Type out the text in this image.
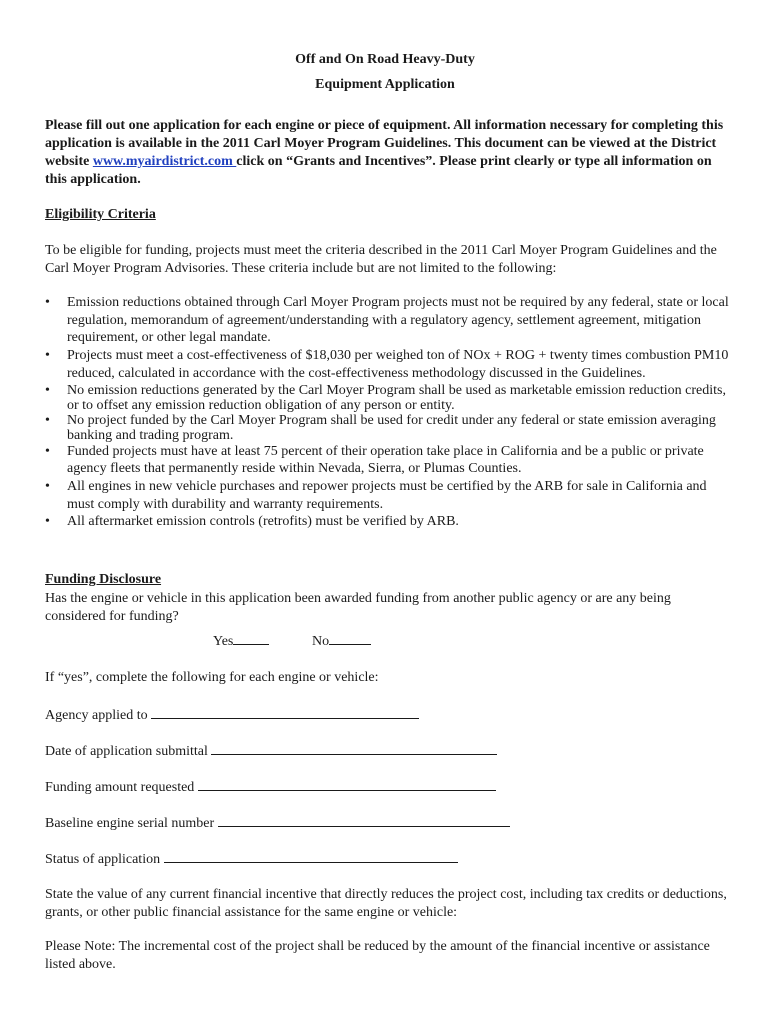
Off and On Road Heavy-Duty
Equipment Application
Please fill out one application for each engine or piece of equipment. All information necessary for completing this application is available in the 2011 Carl Moyer Program Guidelines. This document can be viewed at the District website www.myairdistrict.com click on “Grants and Incentives”. Please print clearly or type all information on this application.
Eligibility Criteria
To be eligible for funding, projects must meet the criteria described in the 2011 Carl Moyer Program Guidelines and the Carl Moyer Program Advisories. These criteria include but are not limited to the following:
• Emission reductions obtained through Carl Moyer Program projects must not be required by any federal, state or local regulation, memorandum of agreement/understanding with a regulatory agency, settlement agreement, mitigation requirement, or other legal mandate.
• Projects must meet a cost-effectiveness of $18,030 per weighed ton of NOx + ROG + twenty times combustion PM10 reduced, calculated in accordance with the cost-effectiveness methodology discussed in the Guidelines.
• No emission reductions generated by the Carl Moyer Program shall be used as marketable emission reduction credits, or to offset any emission reduction obligation of any person or entity.
• No project funded by the Carl Moyer Program shall be used for credit under any federal or state emission averaging banking and trading program.
• Funded projects must have at least 75 percent of their operation take place in California and be a public or private agency fleets that permanently reside within Nevada, Sierra, or Plumas Counties.
• All engines in new vehicle purchases and repower projects must be certified by the ARB for sale in California and must comply with durability and warranty requirements.
• All aftermarket emission controls (retrofits) must be verified by ARB.
Funding Disclosure
Has the engine or vehicle in this application been awarded funding from another public agency or are any being considered for funding?
Yes	No
If “yes”, complete the following for each engine or vehicle:
Agency applied to
Date of application submittal
Funding amount requested
Baseline engine serial number
Status of application
State the value of any current financial incentive that directly reduces the project cost, including tax credits or deductions, grants, or other public financial assistance for the same engine or vehicle:
Please Note: The incremental cost of the project shall be reduced by the amount of the financial incentive or assistance listed above.
